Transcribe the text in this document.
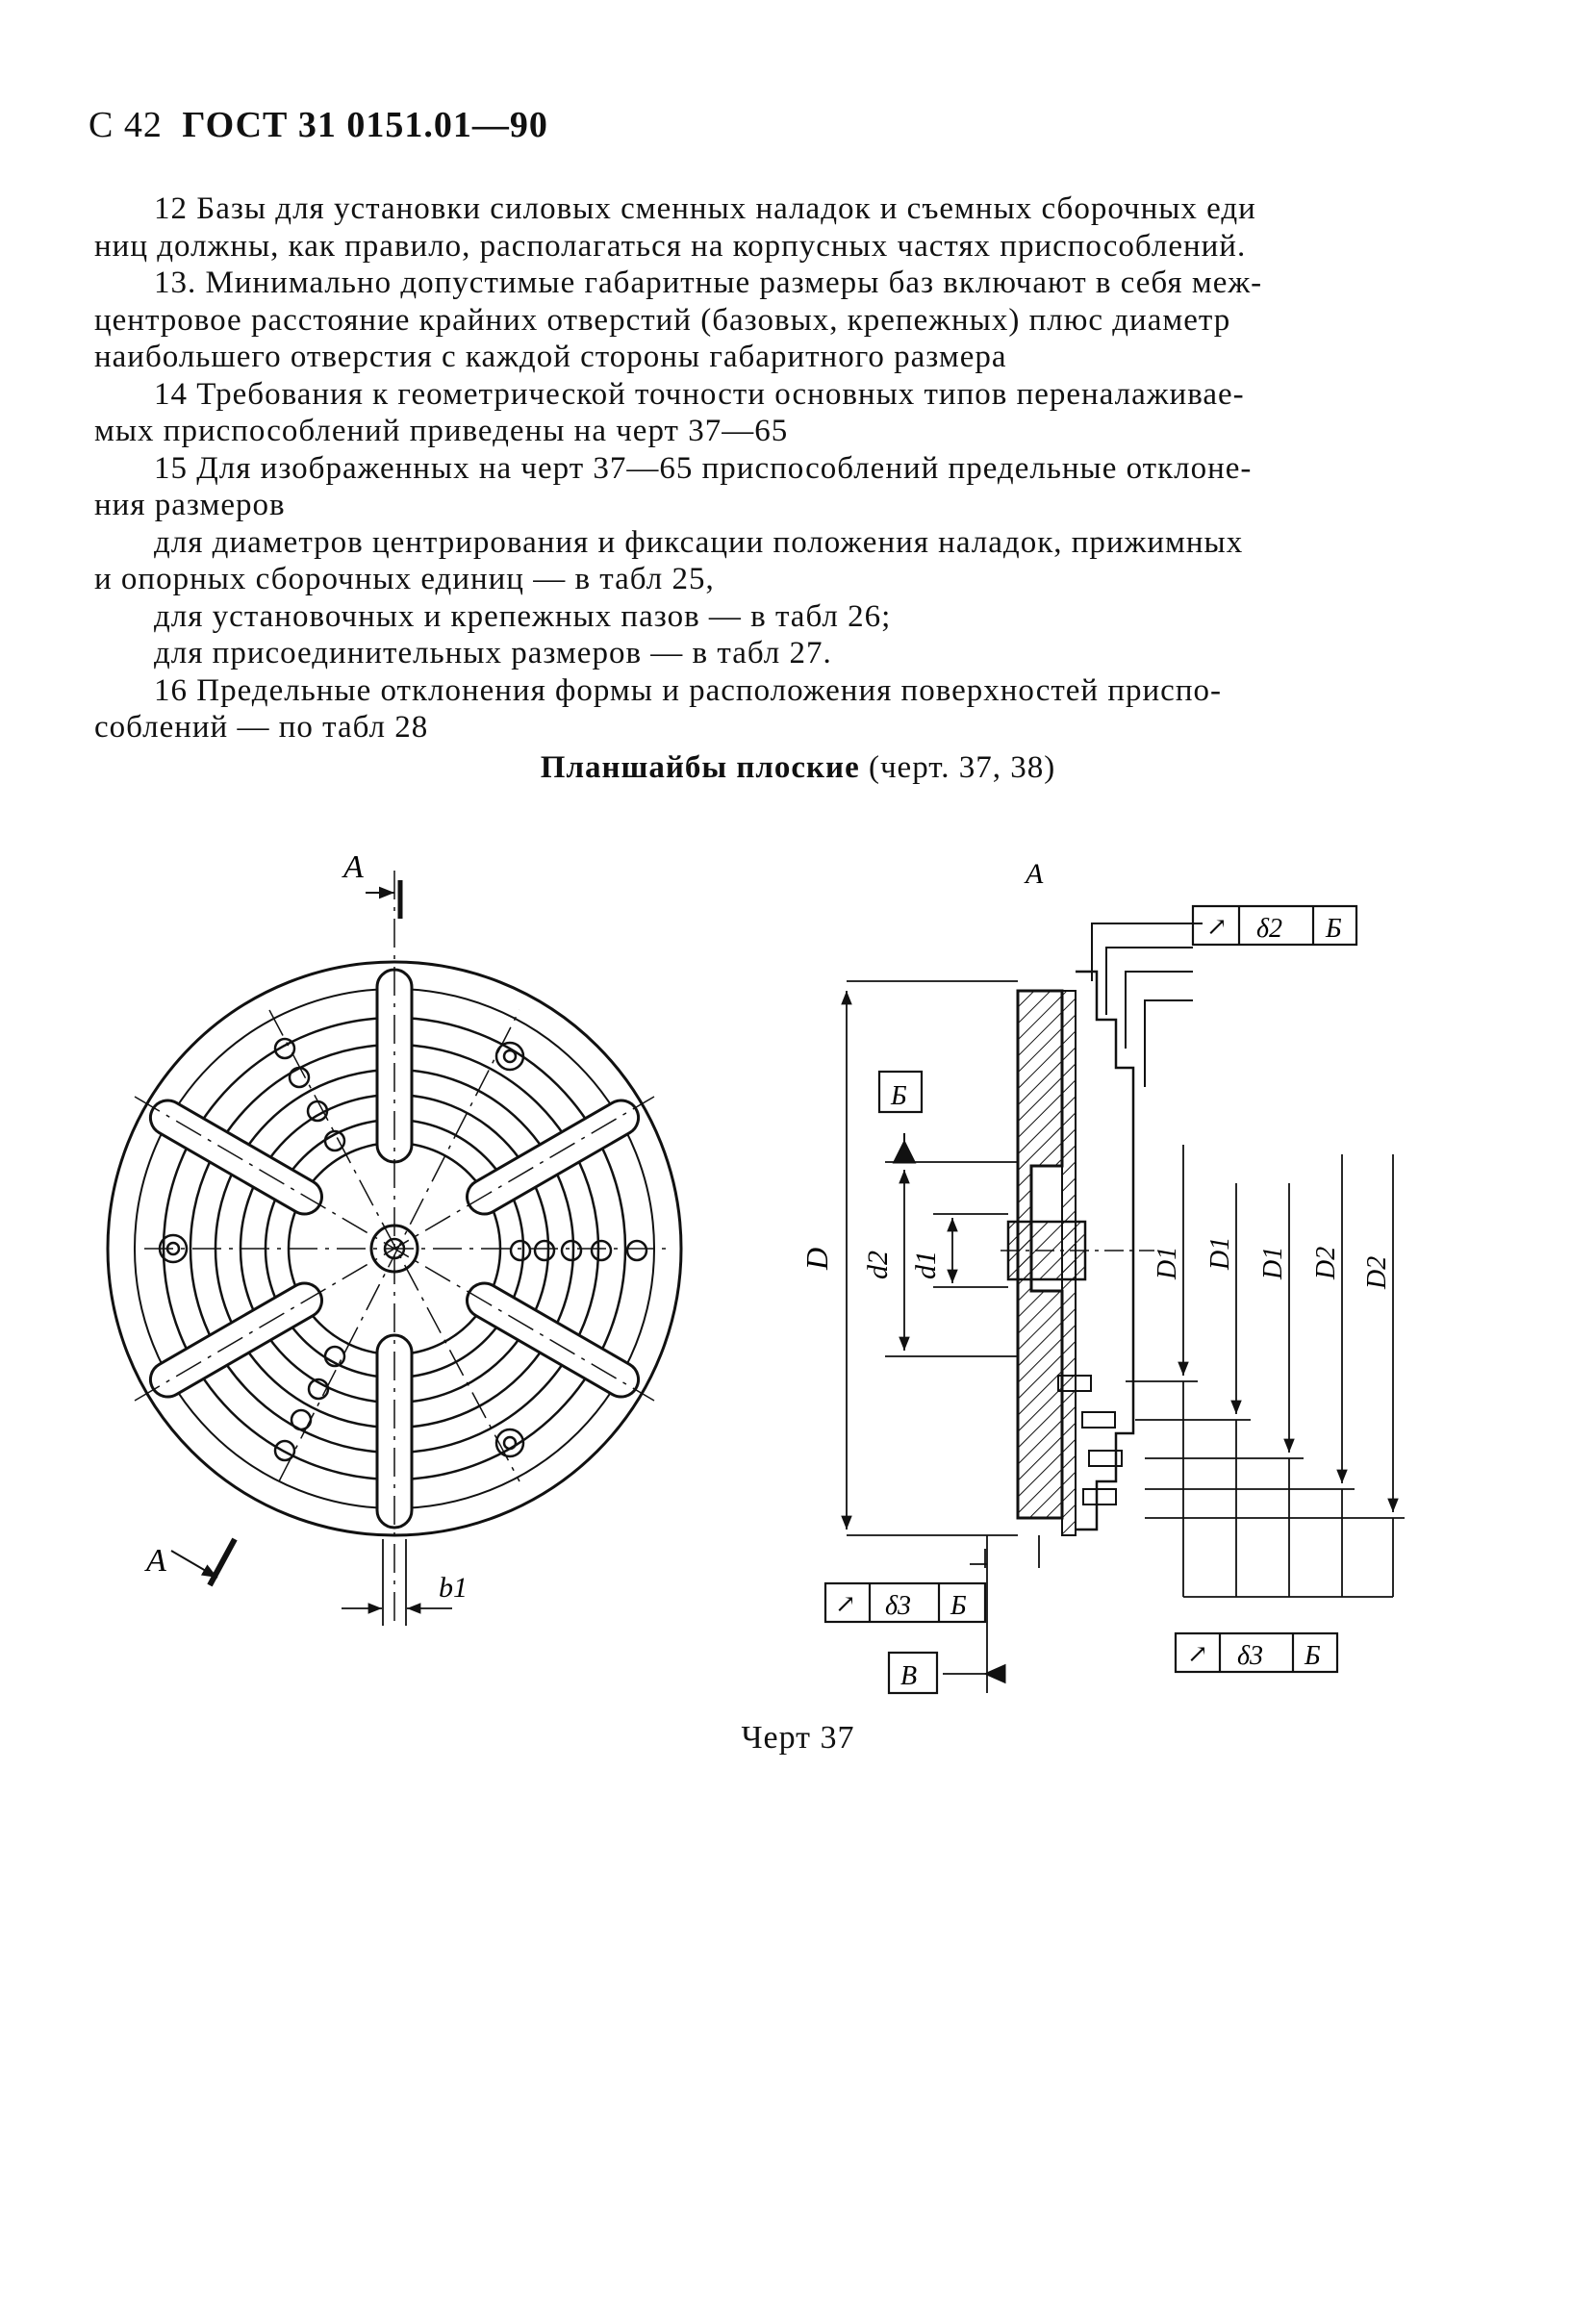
С 42 ГОСТ 31 0151.01—90
12 Базы для установки силовых сменных наладок и съемных сборочных еди
ниц должны, как правило, располагаться на корпусных частях приспособлений.
13. Минимально допустимые габаритные размеры баз включают в себя меж-
центровое расстояние крайних отверстий (базовых, крепежных) плюс диаметр
наибольшего отверстия с каждой стороны габаритного размера
14 Требования к геометрической точности основных типов переналаживае-
мых приспособлений приведены на черт 37—65
15 Для изображенных на черт 37—65 приспособлений предельные отклоне-
ния размеров
для диаметров центрирования и фиксации положения наладок, прижимных
и опорных сборочных единиц — в табл 25,
для установочных и крепежных пазов — в табл 26;
для присоединительных размеров — в табл 27.
16 Предельные отклонения формы и расположения поверхностей приспо-
соблений — по табл 28
Планшайбы плоские (черт. 37, 38)
А
А
b1
А
D d2 d1	D1 D1 D1 D2 D2
Б
В
↗ δ2 Б
↗ δ3 Б
↗ δ3 Б
Черт 37
